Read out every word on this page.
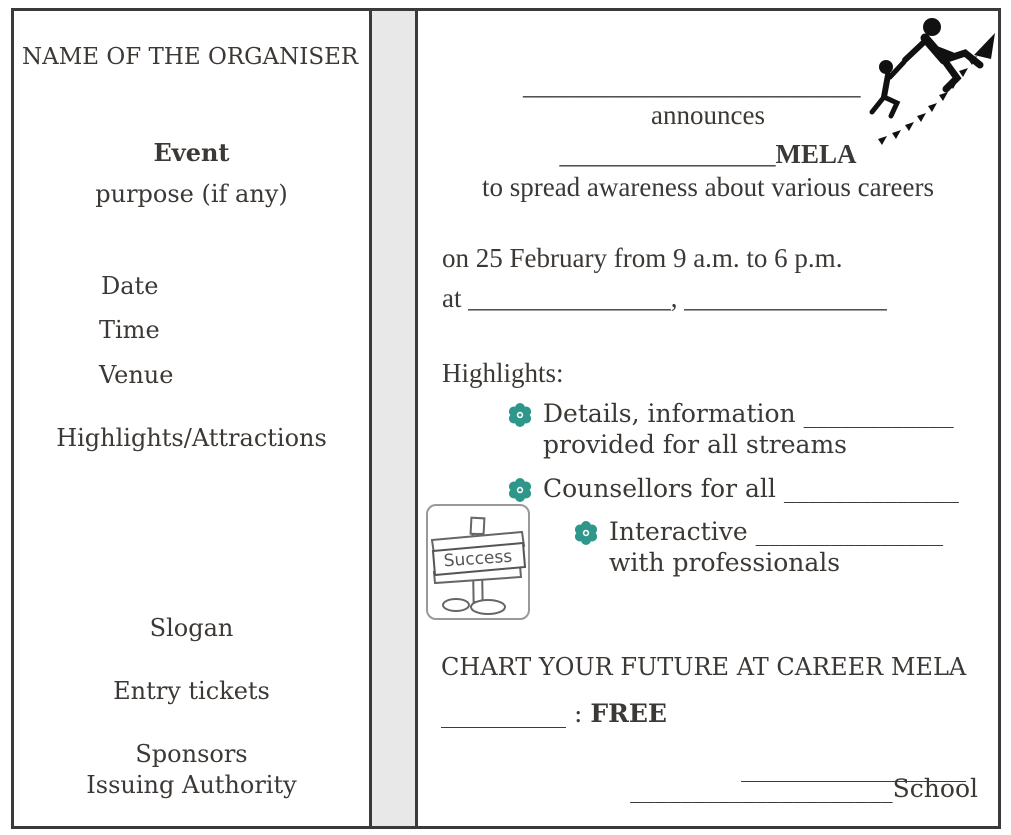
NAME OF THE ORGANISER
Event
purpose (if any)
Date
Time
Venue
Highlights/Attractions
Slogan
Entry tickets
Sponsors
Issuing Authority
_________________________
announces
________________MELA
to spread awareness about various careers
on 25 February from 9 a.m. to 6 p.m.
at _______________, _______________
Highlights:
Details, information ____________
provided for all streams
Counsellors for all ______________
Success
Interactive _______________
with professionals
CHART YOUR FUTURE AT CAREER MELA
__________ : FREE
__________________
_____________________School
